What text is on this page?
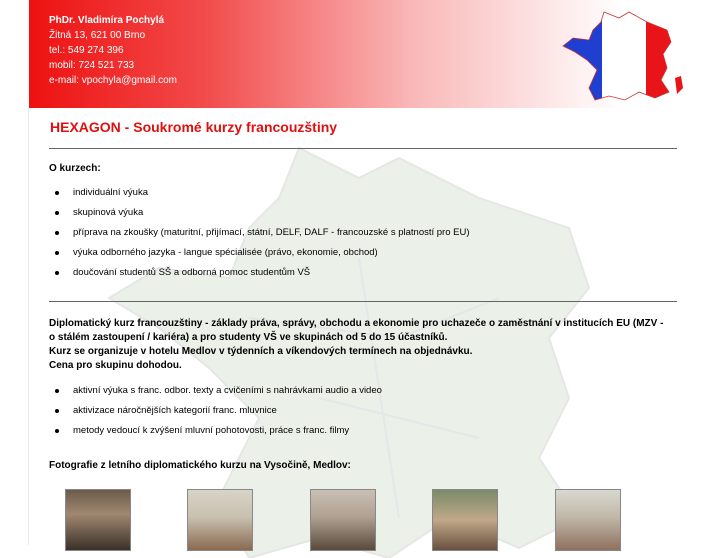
PhDr. Vladimíra Pochylá
Žitná 13, 621 00 Brno
tel.: 549 274 396
mobil: 724 521 733
e-mail: vpochyla@gmail.com
HEXAGON - Soukromé kurzy francouzštiny
O kurzech:
individuální výuka
skupinová výuka
příprava na zkoušky (maturitní, přijímací, státní, DELF, DALF - francouzské s platností pro EU)
výuka odborného jazyka - langue spécialisée (právo, ekonomie, obchod)
doučování studentů SŠ a odborná pomoc studentům VŠ
Diplomatický kurz francouzštiny - základy práva, správy, obchodu a ekonomie pro uchazeče o zaměstnání v institucích EU (MZV -
o stálém zastoupení / kariéra) a pro studenty VŠ ve skupinách od 5 do 15 účastníků.
Kurz se organizuje v hotelu Medlov v týdenních a víkendových termínech na objednávku.
Cena pro skupinu dohodou.
aktivní výuka s franc. odbor. texty a cvičeními s nahrávkami audio a video
aktivizace náročnějších kategorií franc. mluvnice
metody vedoucí k zvýšení mluvní pohotovosti, práce s franc. filmy
Fotografie z letního diplomatického kurzu na Vysočině, Medlov:
